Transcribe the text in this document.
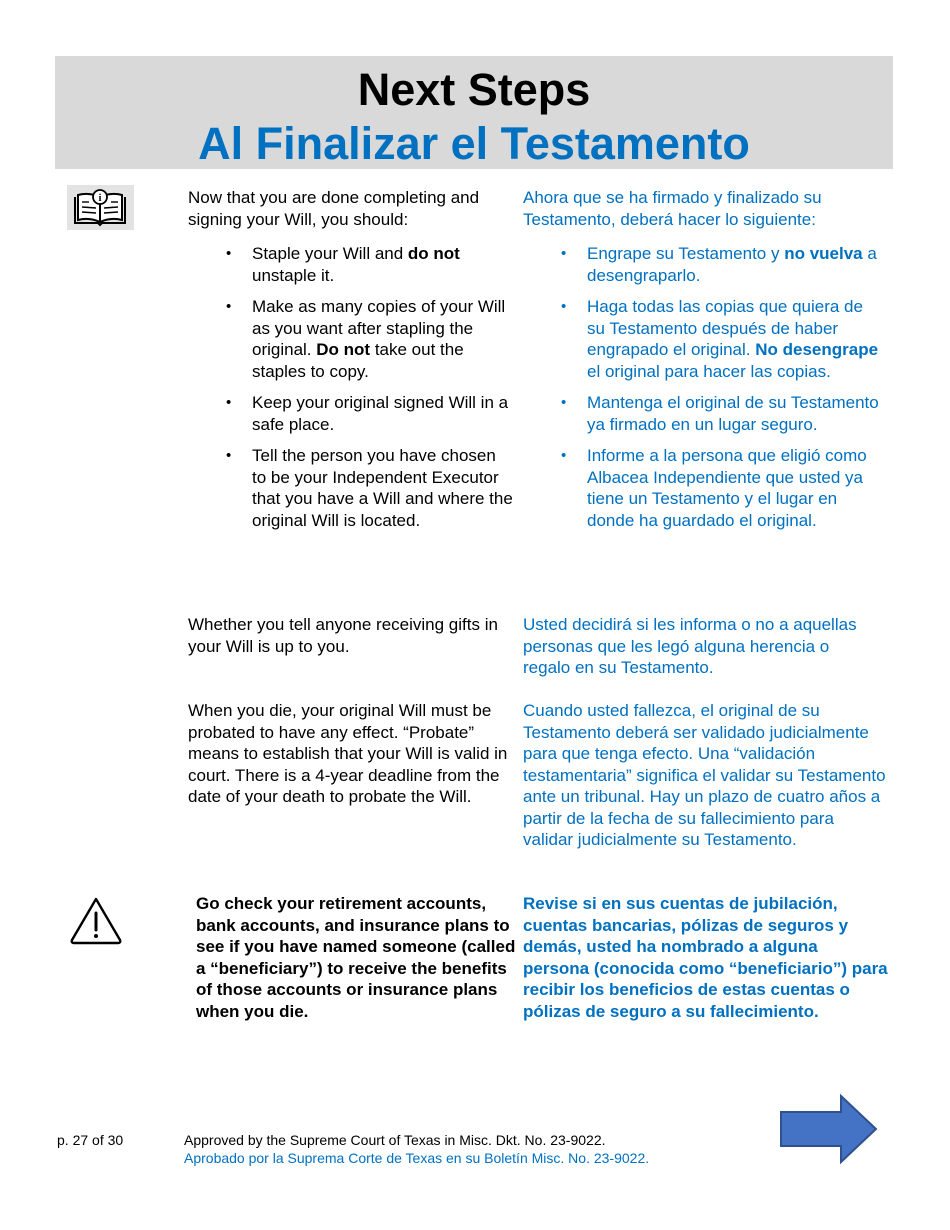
Next Steps
Al Finalizar el Testamento
i	Now that you are done completing and signing your Will, you should:

• Staple your Will and do not unstaple it.
• Make as many copies of your Will as you want after stapling the original. Do not take out the staples to copy.
• Keep your original signed Will in a safe place.
• Tell the person you have chosen to be your Independent Executor that you have a Will and where the original Will is located.

Ahora que se ha firmado y finalizado su Testamento, deberá hacer lo siguiente:

• Engrape su Testamento y no vuelva a desengraparlo.
• Haga todas las copias que quiera de su Testamento después de haber engrapado el original. No desengrape el original para hacer las copias.
• Mantenga el original de su Testamento ya firmado en un lugar seguro.
• Informe a la persona que eligió como Albacea Independiente que usted ya tiene un Testamento y el lugar en donde ha guardado el original.
Whether you tell anyone receiving gifts in your Will is up to you.
Usted decidirá si les informa o no a aquellas personas que les legó alguna herencia o regalo en su Testamento.
When you die, your original Will must be probated to have any effect. “Probate” means to establish that your Will is valid in court. There is a 4-year deadline from the date of your death to probate the Will.
Cuando usted fallezca, el original de su Testamento deberá ser validado judicialmente para que tenga efecto. Una “validación testamentaria” significa el validar su Testamento ante un tribunal. Hay un plazo de cuatro años a partir de la fecha de su fallecimiento para validar judicialmente su Testamento.
Go check your retirement accounts, bank accounts, and insurance plans to see if you have named someone (called a “beneficiary”) to receive the benefits of those accounts or insurance plans when you die.
Revise si en sus cuentas de jubilación, cuentas bancarias, pólizas de seguros y demás, usted ha nombrado a alguna persona (conocida como “beneficiario”) para recibir los beneficios de estas cuentas o pólizas de seguro a su fallecimiento.
p. 27 of 30	Approved by the Supreme Court of Texas in Misc. Dkt. No. 23-9022.
Aprobado por la Suprema Corte de Texas en su Boletín Misc. No. 23-9022.
